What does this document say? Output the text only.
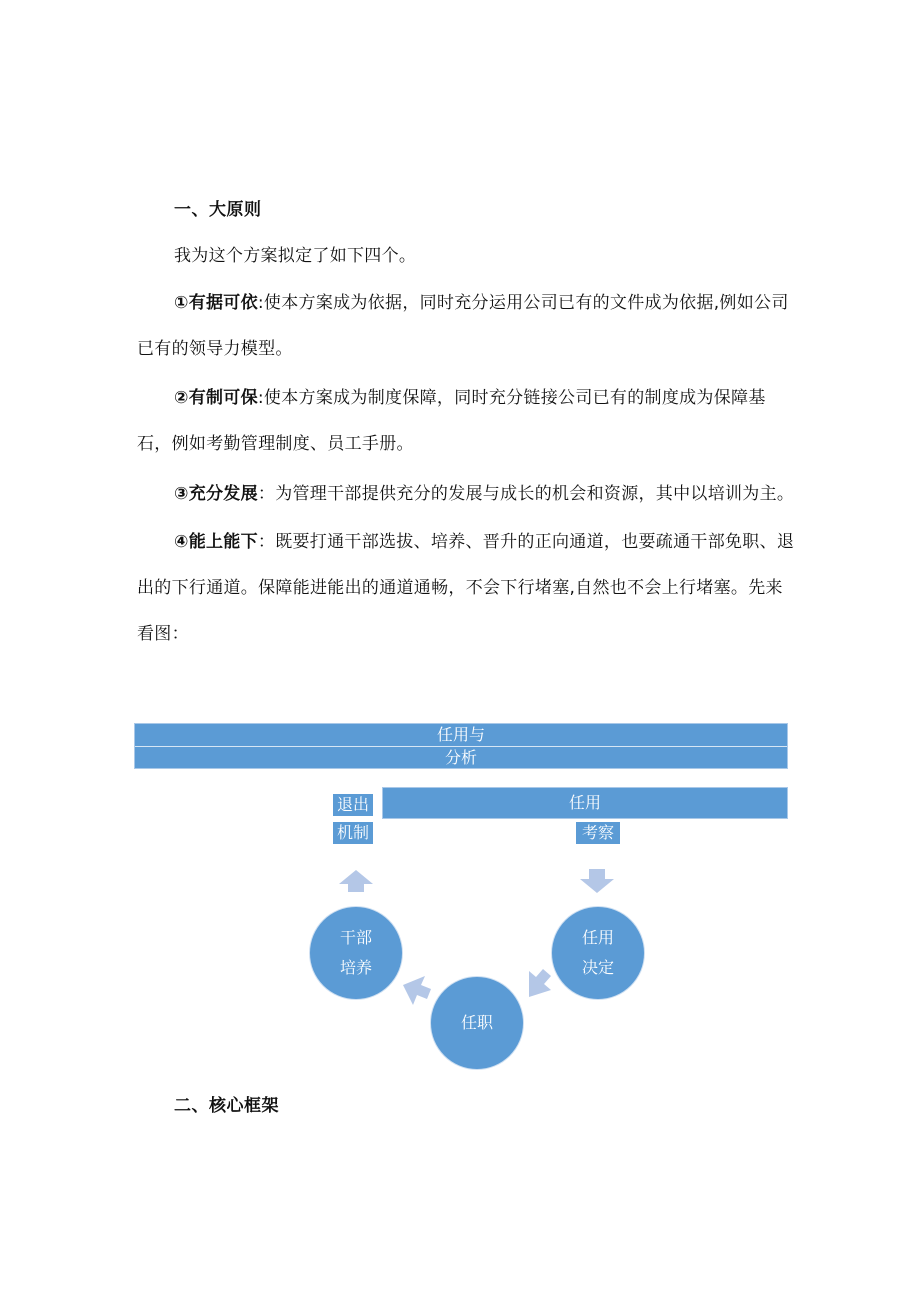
一、大原则
我为这个方案拟定了如下四个。
①有据可依:使本方案成为依据，同时充分运用公司已有的文件成为依据,例如公司已有的领导力模型。
②有制可保:使本方案成为制度保障，同时充分链接公司已有的制度成为保障基石，例如考勤管理制度、员工手册。
③充分发展：为管理干部提供充分的发展与成长的机会和资源，其中以培训为主。
④能上能下：既要打通干部选拔、培养、晋升的正向通道，也要疏通干部免职、退出的下行通道。保障能进能出的通道通畅，不会下行堵塞,自然也不会上行堵塞。先来看图：
任用与
分析
退出
机制
任用
考察
干部
培养
任用
决定
任职
二、核心框架
